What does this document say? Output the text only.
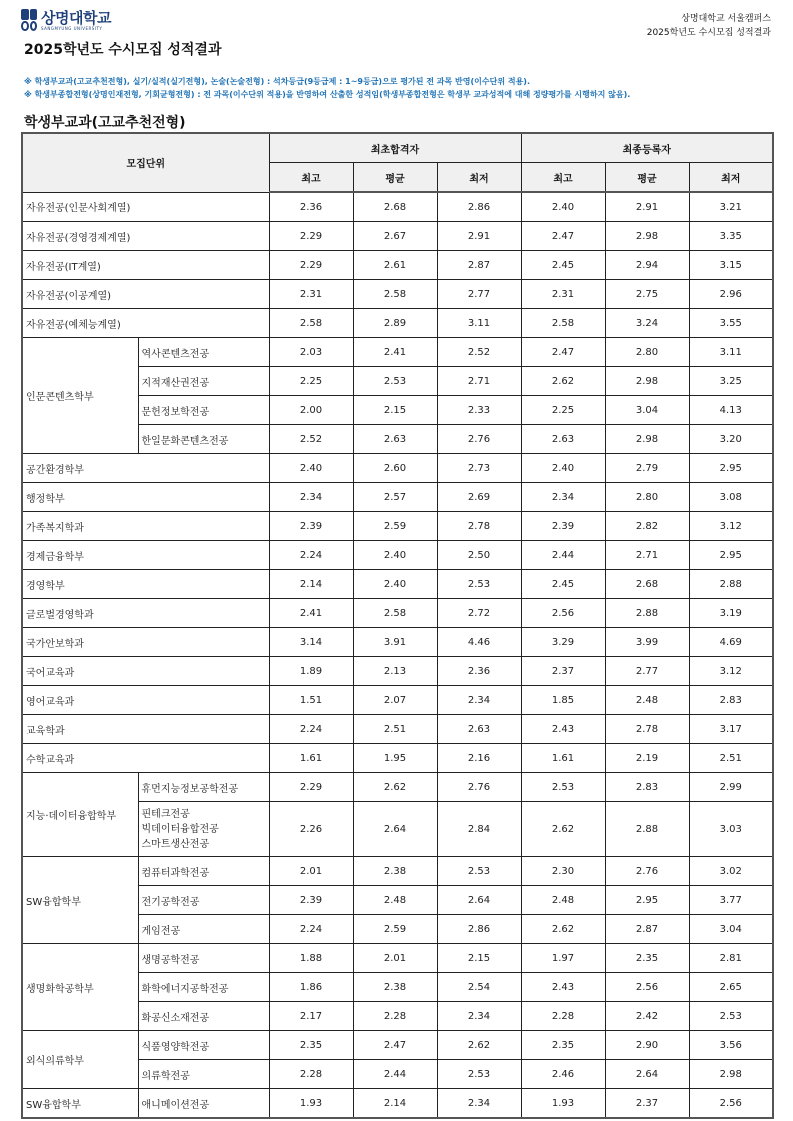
상명대학교
SANGMYUNG UNIVERSITY
상명대학교 서울캠퍼스
2025학년도 수시모집 성적결과
2025학년도 수시모집 성적결과
※ 학생부교과(고교추천전형), 실기/실적(실기전형), 논술(논술전형) : 석차등급(9등급제 : 1~9등급)으로 평가된 전 과목 반영(이수단위 적용).
※ 학생부종합전형(상명인재전형, 기회균형전형) : 전 과목(이수단위 적용)을 반영하여 산출한 성적임(학생부종합전형은 학생부 교과성적에 대해 정량평가를 시행하지 않음).
학생부교과(고교추천전형)
모집단위		최초합격자			최종등록자		
		최고	평균	최저	최고	평균	최저
자유전공(인문사회계열)		2.36	2.68	2.86	2.40	2.91	3.21
자유전공(경영경제계열)		2.29	2.67	2.91	2.47	2.98	3.35
자유전공(IT계열)		2.29	2.61	2.87	2.45	2.94	3.15
자유전공(이공계열)		2.31	2.58	2.77	2.31	2.75	2.96
자유전공(예체능계열)		2.58	2.89	3.11	2.58	3.24	3.55
인문콘텐츠학부	역사콘텐츠전공	2.03	2.41	2.52	2.47	2.80	3.11
	지적재산권전공	2.25	2.53	2.71	2.62	2.98	3.25
	문헌정보학전공	2.00	2.15	2.33	2.25	3.04	4.13
	한일문화콘텐츠전공	2.52	2.63	2.76	2.63	2.98	3.20
공간환경학부		2.40	2.60	2.73	2.40	2.79	2.95
행정학부		2.34	2.57	2.69	2.34	2.80	3.08
가족복지학과		2.39	2.59	2.78	2.39	2.82	3.12
경제금융학부		2.24	2.40	2.50	2.44	2.71	2.95
경영학부		2.14	2.40	2.53	2.45	2.68	2.88
글로벌경영학과		2.41	2.58	2.72	2.56	2.88	3.19
국가안보학과		3.14	3.91	4.46	3.29	3.99	4.69
국어교육과		1.89	2.13	2.36	2.37	2.77	3.12
영어교육과		1.51	2.07	2.34	1.85	2.48	2.83
교육학과		2.24	2.51	2.63	2.43	2.78	3.17
수학교육과		1.61	1.95	2.16	1.61	2.19	2.51
지능·데이터융합학부	휴먼지능정보공학전공	2.29	2.62	2.76	2.53	2.83	2.99

	핀테크전공
빅데이터융합전공
스마트생산전공	2.26	2.64	2.84	2.62	2.88	3.03
SW융합학부	컴퓨터과학전공	2.01	2.38	2.53	2.30	2.76	3.02
	전기공학전공	2.39	2.48	2.64	2.48	2.95	3.77
	게임전공	2.24	2.59	2.86	2.62	2.87	3.04
생명화학공학부	생명공학전공	1.88	2.01	2.15	1.97	2.35	2.81
	화학에너지공학전공	1.86	2.38	2.54	2.43	2.56	2.65
	화공신소재전공	2.17	2.28	2.34	2.28	2.42	2.53
외식의류학부	식품영양학전공	2.35	2.47	2.62	2.35	2.90	3.56
	의류학전공	2.28	2.44	2.53	2.46	2.64	2.98
SW융합학부	애니메이션전공	1.93	2.14	2.34	1.93	2.37	2.56
